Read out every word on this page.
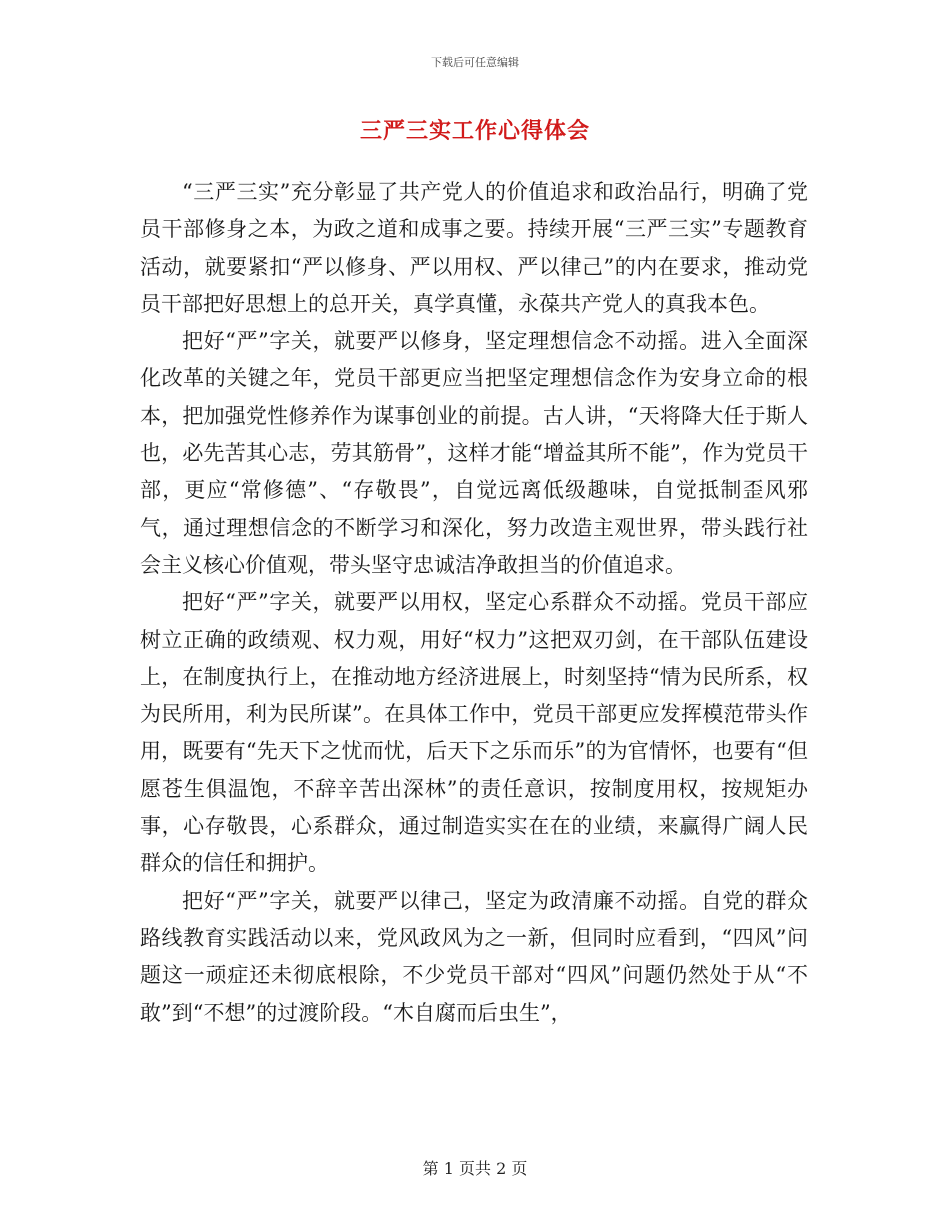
下载后可任意编辑
三严三实工作心得体会

“三严三实”充分彰显了共产党人的价值追求和政治品行，明确了党员干部修身之本，为政之道和成事之要。持续开展“三严三实”专题教育活动，就要紧扣“严以修身、严以用权、严以律己”的内在要求，推动党员干部把好思想上的总开关，真学真懂，永葆共产党人的真我本色。

把好“严”字关，就要严以修身，坚定理想信念不动摇。进入全面深化改革的关键之年，党员干部更应当把坚定理想信念作为安身立命的根本，把加强党性修养作为谋事创业的前提。古人讲，“天将降大任于斯人也，必先苦其心志，劳其筋骨”，这样才能“增益其所不能”，作为党员干部，更应“常修德”、“存敬畏”，自觉远离低级趣味，自觉抵制歪风邪气，通过理想信念的不断学习和深化，努力改造主观世界，带头践行社会主义核心价值观，带头坚守忠诚洁净敢担当的价值追求。

把好“严”字关，就要严以用权，坚定心系群众不动摇。党员干部应树立正确的政绩观、权力观，用好“权力”这把双刃剑，在干部队伍建设上，在制度执行上，在推动地方经济进展上，时刻坚持“情为民所系，权为民所用，利为民所谋”。在具体工作中，党员干部更应发挥模范带头作用，既要有“先天下之忧而忧，后天下之乐而乐”的为官情怀，也要有“但愿苍生俱温饱，不辞辛苦出深林”的责任意识，按制度用权，按规矩办事，心存敬畏，心系群众，通过制造实实在在的业绩，来赢得广阔人民群众的信任和拥护。

把好“严”字关，就要严以律己，坚定为政清廉不动摇。自党的群众路线教育实践活动以来，党风政风为之一新，但同时应看到，“四风”问题这一顽症还未彻底根除，不少党员干部对“四风”问题仍然处于从“不敢”到“不想”的过渡阶段。“木自腐而后虫生”，

第 1 页共 2 页
